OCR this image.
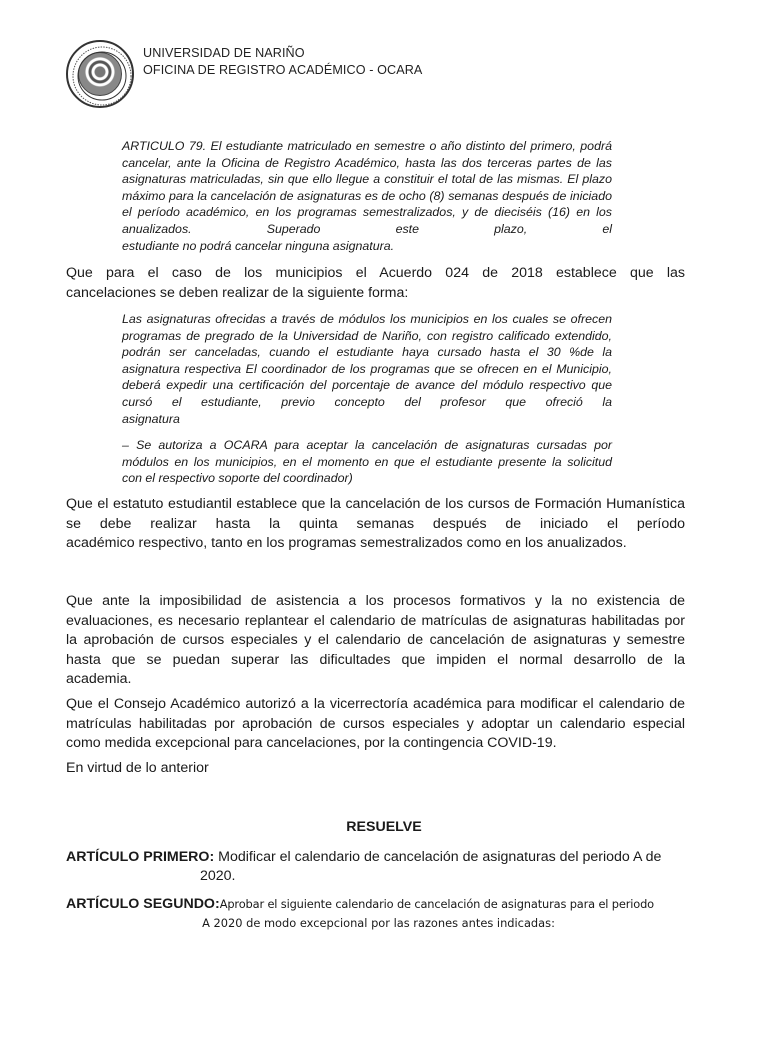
UNIVERSIDAD DE NARIÑO
OFICINA DE REGISTRO ACADÉMICO - OCARA

ARTICULO 79. El estudiante matriculado en semestre o año distinto del primero, podrá cancelar, ante la Oficina de Registro Académico, hasta las dos terceras partes de las asignaturas matriculadas, sin que ello llegue a constituir el total de las mismas. El plazo máximo para la cancelación de asignaturas es de ocho (8) semanas después de iniciado el período académico, en los programas semestralizados, y de dieciséis (16) en los anualizados. Superado este plazo, el

estudiante no podrá cancelar ninguna asignatura.

Que para el caso de los municipios el Acuerdo 024 de 2018 establece que las
cancelaciones se deben realizar de la siguiente forma:

Las asignaturas ofrecidas a través de módulos los municipios en los cuales se ofrecen programas de pregrado de la Universidad de Nariño, con registro calificado extendido, podrán ser canceladas, cuando el estudiante haya cursado hasta el 30 %de la asignatura respectiva El coordinador de los programas que se ofrecen en el Municipio, deberá expedir una certificación del porcentaje de avance del módulo respectivo que cursó el estudiante, previo concepto del profesor que ofreció la

asignatura

– Se autoriza a OCARA para aceptar la cancelación de asignaturas cursadas por módulos en los municipios, en el momento en que el estudiante presente la solicitud

con el respectivo soporte del coordinador)

Que el estatuto estudiantil establece que la cancelación de los cursos de Formación Humanística se debe realizar hasta la quinta semanas después de iniciado el período
académico respectivo, tanto en los programas semestralizados como en los anualizados.
Que ante la imposibilidad de asistencia a los procesos formativos y la no existencia de evaluaciones, es necesario replantear el calendario de matrículas de asignaturas habilitadas por la aprobación de cursos especiales y el calendario de cancelación de asignaturas y semestre hasta que se puedan superar las dificultades que impiden el normal desarrollo de la
academia.
Que el Consejo Académico autorizó a la vicerrectoría académica para modificar el calendario de matrículas habilitadas por aprobación de cursos especiales y adoptar un calendario especial
como medida excepcional para cancelaciones, por la contingencia COVID-19.
En virtud de lo anterior
RESUELVE
ARTÍCULO PRIMERO: Modificar el calendario de cancelación de asignaturas del periodo A de
2020.
ARTÍCULO SEGUNDO:Aprobar el siguiente calendario de cancelación de asignaturas para el periodo
A 2020 de modo excepcional por las razones antes indicadas:
